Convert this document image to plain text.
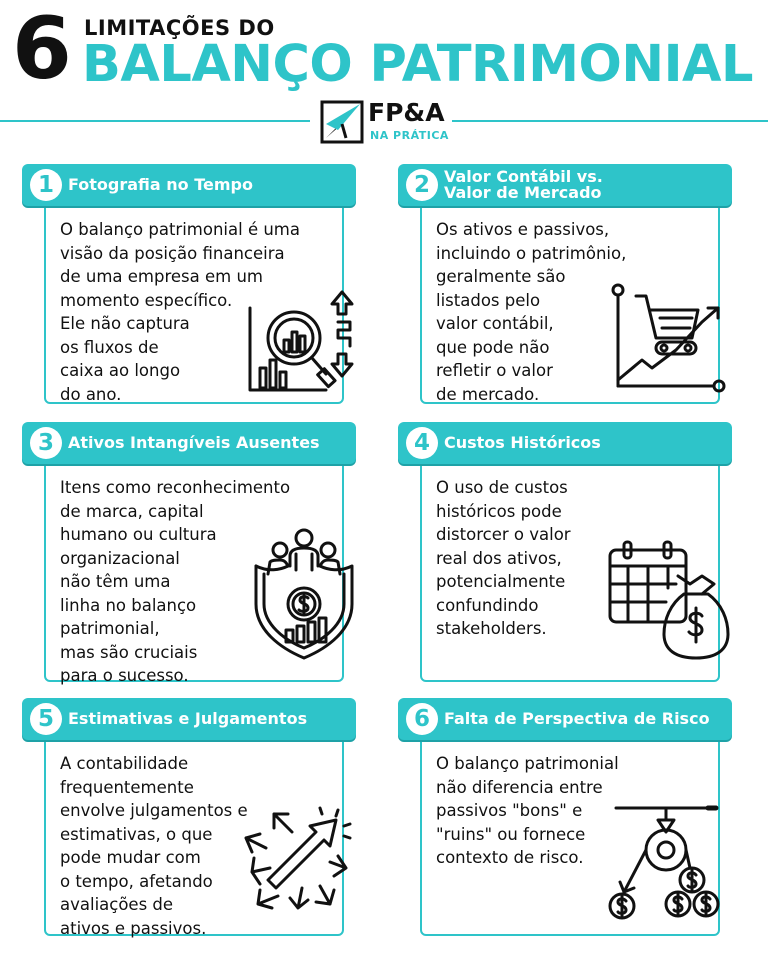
6 LIMITAÇÕES DO
BALANÇO PATRIMONIAL
FP&A
NA PRÁTICA
1 Fotografia no Tempo
O balanço patrimonial é uma
visão da posição financeira
de uma empresa em um
momento específico.
Ele não captura
os fluxos de
caixa ao longo
do ano.
2 Valor Contábil vs.
Valor de Mercado
Os ativos e passivos,
incluindo o patrimônio,
geralmente são
listados pelo
valor contábil,
que pode não
refletir o valor
de mercado.
3 Ativos Intangíveis Ausentes
Itens como reconhecimento
de marca, capital
humano ou cultura
organizacional
não têm uma
linha no balanço
patrimonial,
mas são cruciais
para o sucesso.
4 Custos Históricos
O uso de custos
históricos pode
distorcer o valor
real dos ativos,
potencialmente
confundindo
stakeholders.
5 Estimativas e Julgamentos
A contabilidade
frequentemente
envolve julgamentos e
estimativas, o que
pode mudar com
o tempo, afetando
avaliações de
ativos e passivos.
6 Falta de Perspectiva de Risco
O balanço patrimonial
não diferencia entre
passivos "bons" e
"ruins" ou fornece
contexto de risco.
